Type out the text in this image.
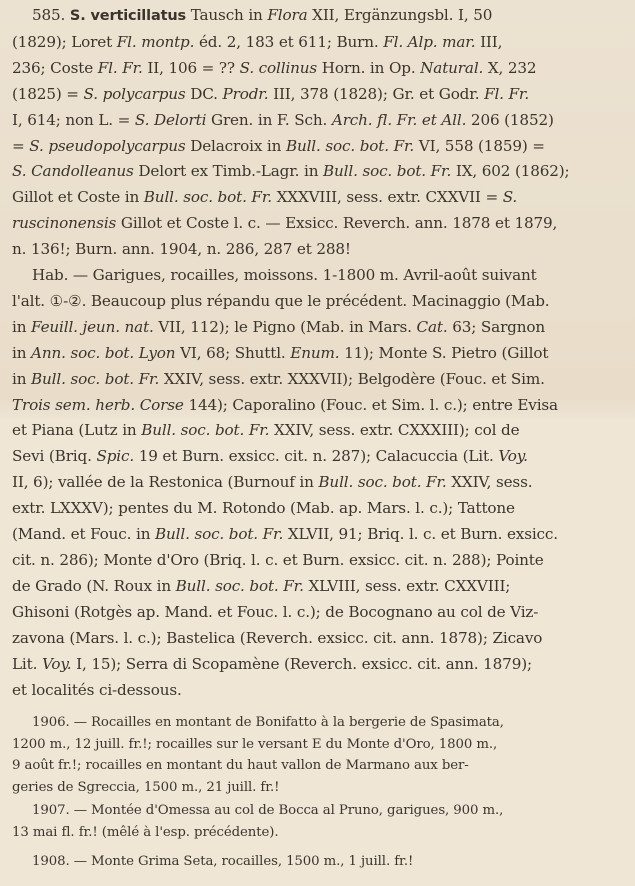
585. S. verticillatus Tausch in Flora XII, Ergänzungsbl. I, 50
(1829); Loret Fl. montp. éd. 2, 183 et 611; Burn. Fl. Alp. mar. III,
236; Coste Fl. Fr. II, 106 = ?? S. collinus Horn. in Op. Natural. X, 232
(1825) = S. polycarpus DC. Prodr. III, 378 (1828); Gr. et Godr. Fl. Fr.
I, 614; non L. = S. Delorti Gren. in F. Sch. Arch. fl. Fr. et All. 206 (1852)
= S. pseudopolycarpus Delacroix in Bull. soc. bot. Fr. VI, 558 (1859) =
S. Candolleanus Delort ex Timb.-Lagr. in Bull. soc. bot. Fr. IX, 602 (1862);
Gillot et Coste in Bull. soc. bot. Fr. XXXVIII, sess. extr. CXXVII = S.
ruscinonensis Gillot et Coste l. c. — Exsicc. Reverch. ann. 1878 et 1879,
n. 136!; Burn. ann. 1904, n. 286, 287 et 288!
Hab. — Garigues, rocailles, moissons. 1-1800 m. Avril-août suivant
l'alt. ①-②. Beaucoup plus répandu que le précédent. Macinaggio (Mab.
in Feuill. jeun. nat. VII, 112); le Pigno (Mab. in Mars. Cat. 63; Sargnon
in Ann. soc. bot. Lyon VI, 68; Shuttl. Enum. 11); Monte S. Pietro (Gillot
in Bull. soc. bot. Fr. XXIV, sess. extr. XXXVII); Belgodère (Fouc. et Sim.
Trois sem. herb. Corse 144); Caporalino (Fouc. et Sim. l. c.); entre Evisa
et Piana (Lutz in Bull. soc. bot. Fr. XXIV, sess. extr. CXXXIII); col de
Sevi (Briq. Spic. 19 et Burn. exsicc. cit. n. 287); Calacuccia (Lit. Voy.
II, 6); vallée de la Restonica (Burnouf in Bull. soc. bot. Fr. XXIV, sess.
extr. LXXXV); pentes du M. Rotondo (Mab. ap. Mars. l. c.); Tattone
(Mand. et Fouc. in Bull. soc. bot. Fr. XLVII, 91; Briq. l. c. et Burn. exsicc.
cit. n. 286); Monte d'Oro (Briq. l. c. et Burn. exsicc. cit. n. 288); Pointe
de Grado (N. Roux in Bull. soc. bot. Fr. XLVIII, sess. extr. CXXVIII;
Ghisoni (Rotgès ap. Mand. et Fouc. l. c.); de Bocognano au col de Viz-
zavona (Mars. l. c.); Bastelica (Reverch. exsicc. cit. ann. 1878); Zicavo
Lit. Voy. I, 15); Serra di Scopamène (Reverch. exsicc. cit. ann. 1879);
et localités ci-dessous.
1906. — Rocailles en montant de Bonifatto à la bergerie de Spasimata,
1200 m., 12 juill. fr.!; rocailles sur le versant E du Monte d'Oro, 1800 m.,
9 août fr.!; rocailles en montant du haut vallon de Marmano aux ber-
geries de Sgreccia, 1500 m., 21 juill. fr.!
1907. — Montée d'Omessa au col de Bocca al Pruno, garigues, 900 m.,
13 mai fl. fr.! (mêlé à l'esp. précédente).
1908. — Monte Grima Seta, rocailles, 1500 m., 1 juill. fr.!
